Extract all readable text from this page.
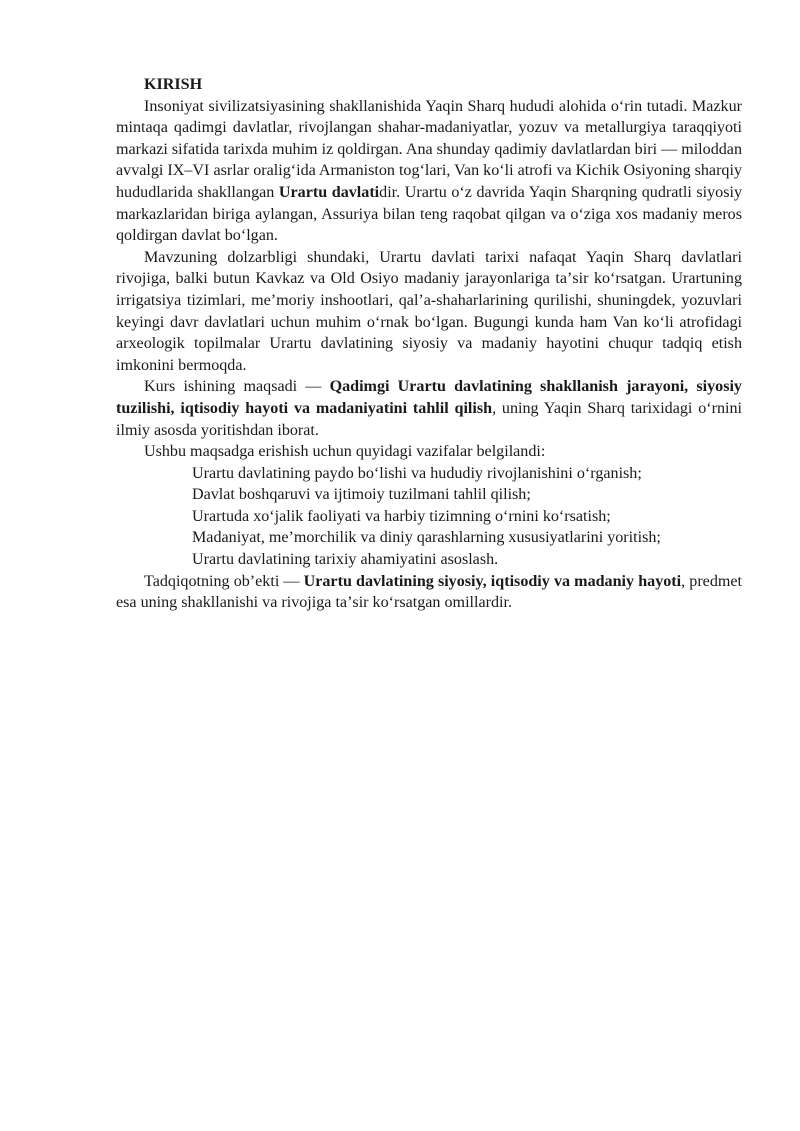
KIRISH

Insoniyat sivilizatsiyasining shakllanishida Yaqin Sharq hududi alohida oʻrin tutadi. Mazkur mintaqa qadimgi davlatlar, rivojlangan shahar-madaniyatlar, yozuv va metallurgiya taraqqiyoti markazi sifatida tarixda muhim iz qoldirgan. Ana shunday qadimiy davlatlardan biri — miloddan avvalgi IX–VI asrlar oraligʻida Armaniston togʻlari, Van koʻli atrofi va Kichik Osiyoning sharqiy hududlarida shakllangan Urartu davlatidir. Urartu oʻz davrida Yaqin Sharqning qudratli siyosiy markazlaridan biriga aylangan, Assuriya bilan teng raqobat qilgan va oʻziga xos madaniy meros qoldirgan davlat boʻlgan.

Mavzuning dolzarbligi shundaki, Urartu davlati tarixi nafaqat Yaqin Sharq davlatlari rivojiga, balki butun Kavkaz va Old Osiyo madaniy jarayonlariga taʼsir koʻrsatgan. Urartuning irrigatsiya tizimlari, meʼmoriy inshootlari, qalʼa-shaharlarining qurilishi, shuningdek, yozuvlari keyingi davr davlatlari uchun muhim oʻrnak boʻlgan. Bugungi kunda ham Van koʻli atrofidagi arxeologik topilmalar Urartu davlatining siyosiy va madaniy hayotini chuqur tadqiq etish imkonini bermoqda.

Kurs ishining maqsadi — Qadimgi Urartu davlatining shakllanish jarayoni, siyosiy tuzilishi, iqtisodiy hayoti va madaniyatini tahlil qilish, uning Yaqin Sharq tarixidagi oʻrnini ilmiy asosda yoritishdan iborat.

Ushbu maqsadga erishish uchun quyidagi vazifalar belgilandi:

Urartu davlatining paydo boʻlishi va hududiy rivojlanishini oʻrganish;
Davlat boshqaruvi va ijtimoiy tuzilmani tahlil qilish;
Urartuda xoʻjalik faoliyati va harbiy tizimning oʻrnini koʻrsatish;
Madaniyat, meʼmorchilik va diniy qarashlarning xususiyatlarini yoritish;
Urartu davlatining tarixiy ahamiyatini asoslash.

Tadqiqotning obʼekti — Urartu davlatining siyosiy, iqtisodiy va madaniy hayoti, predmet esa uning shakllanishi va rivojiga taʼsir koʻrsatgan omillardir.
